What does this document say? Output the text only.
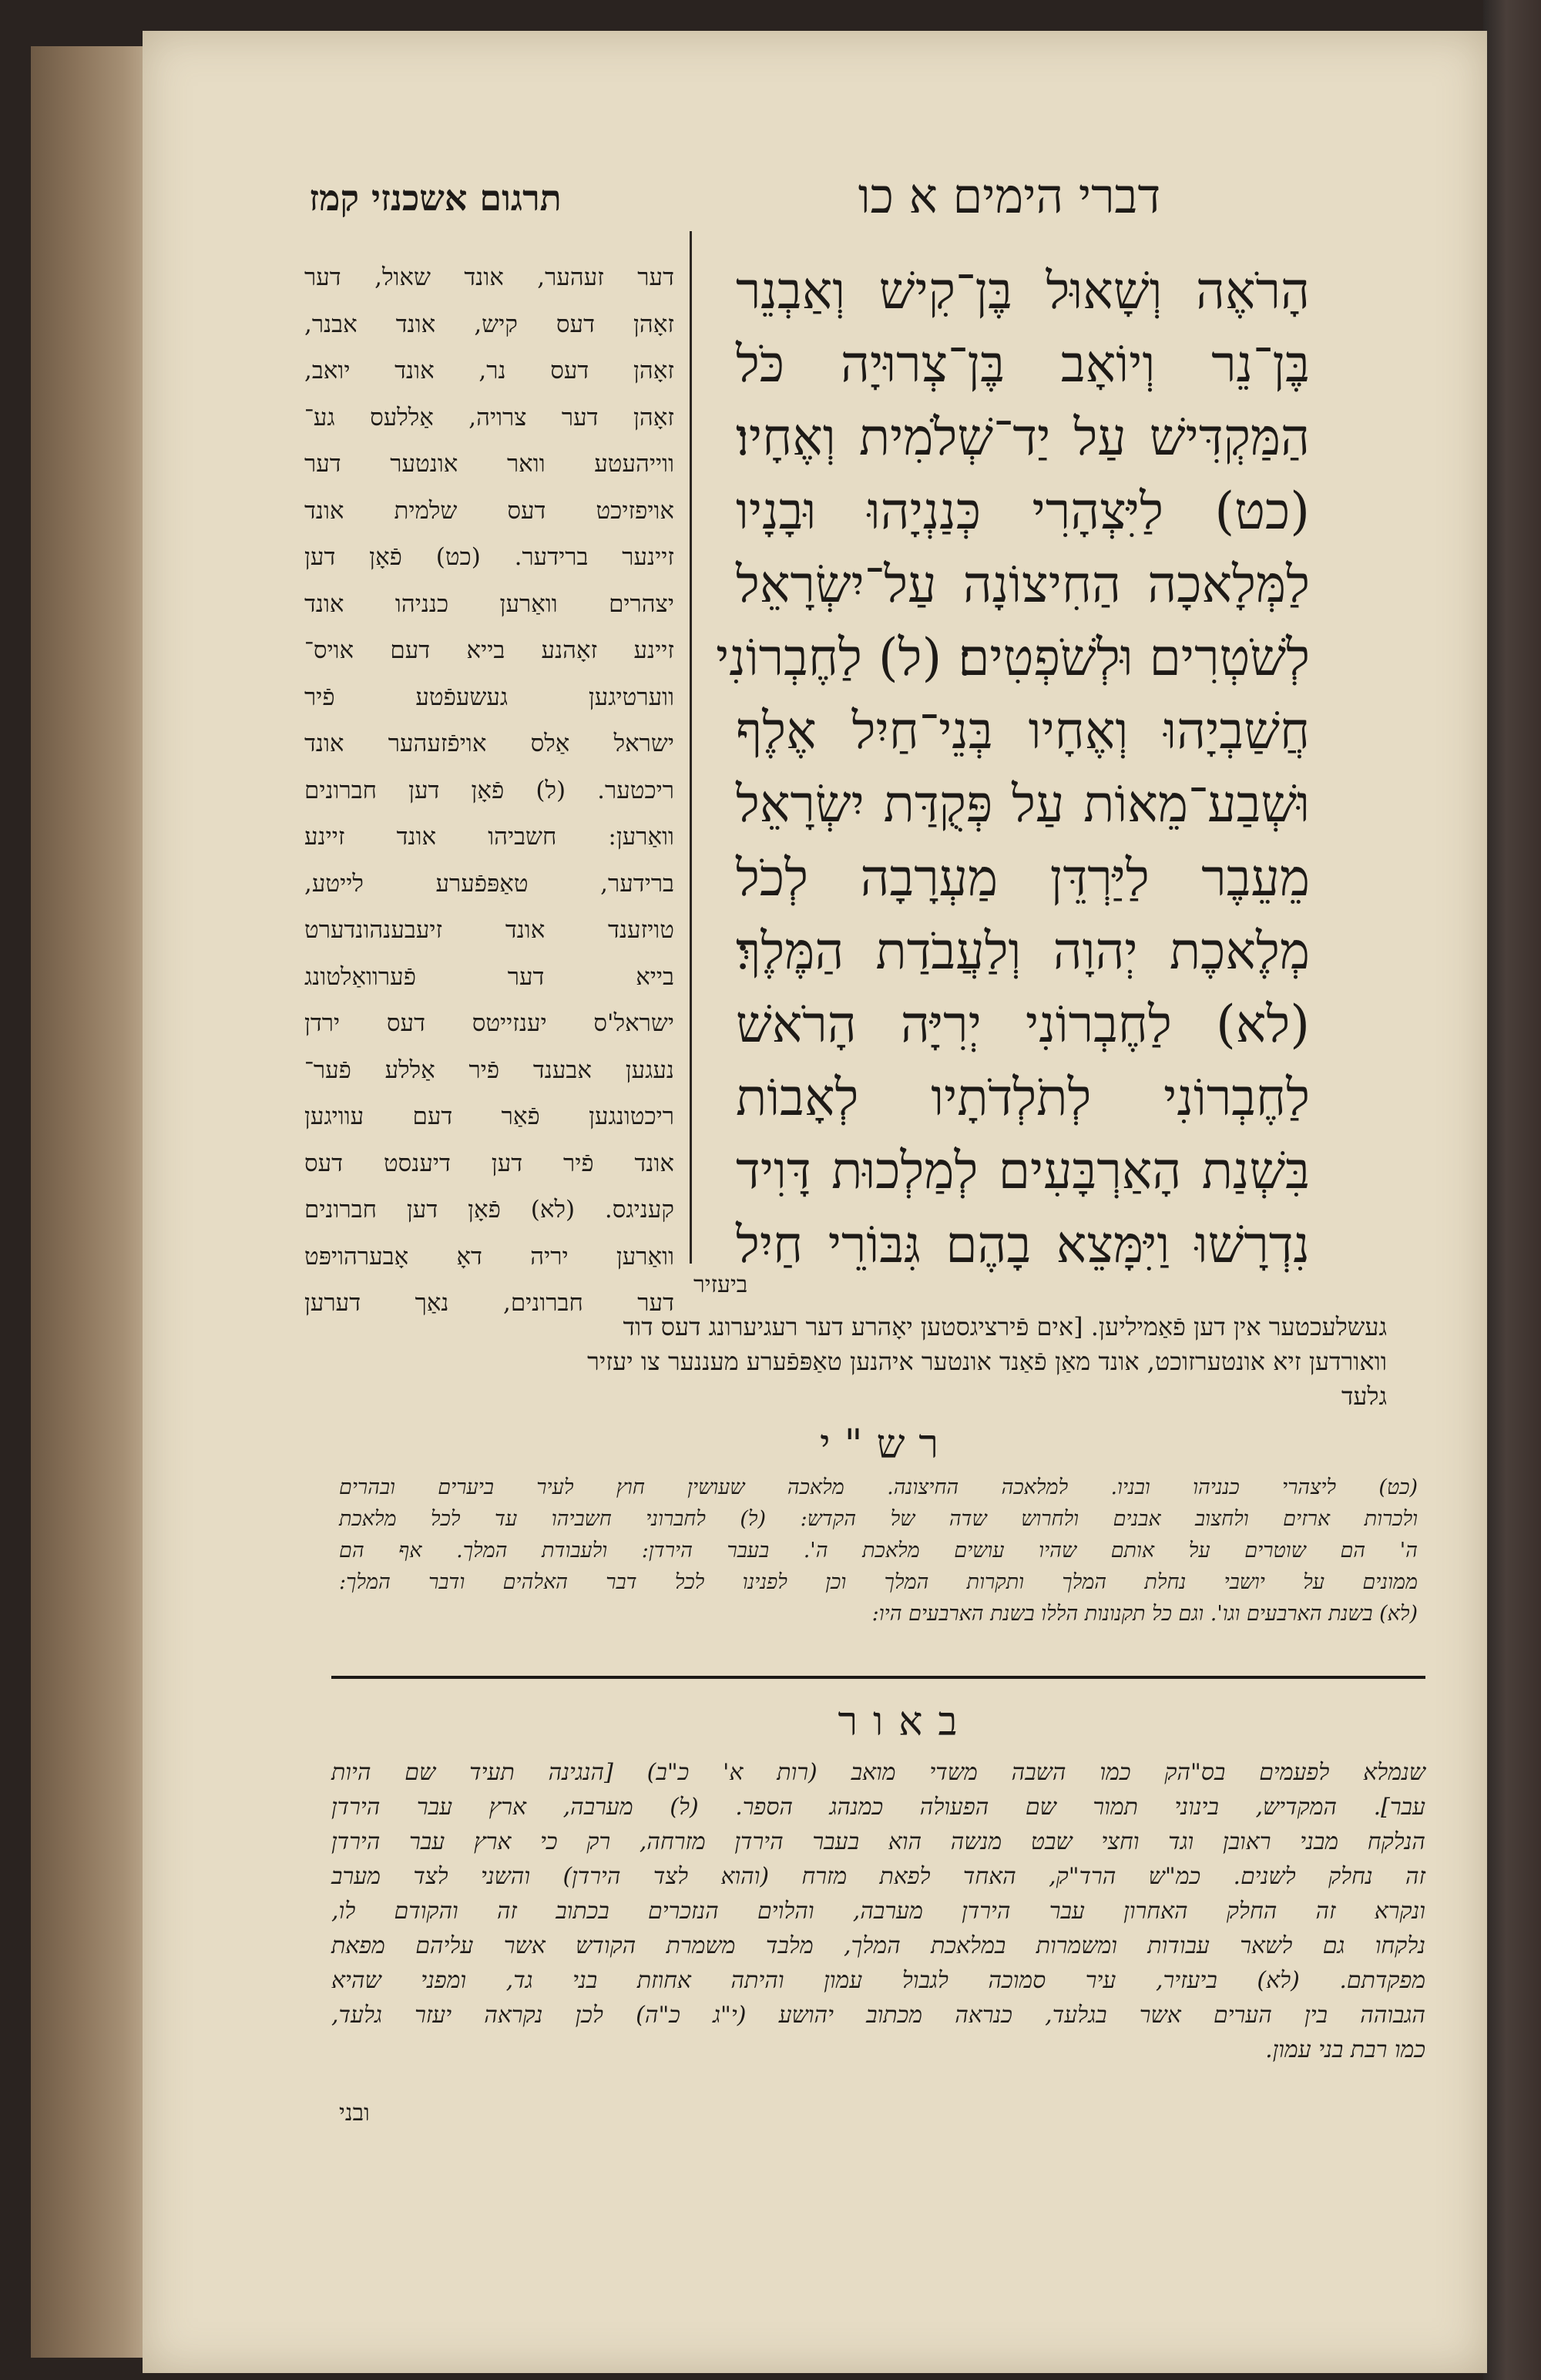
דברי הימים א כו
תרגום אשכנזי קמז
הָרֹאֶה וְשָׁאוּל בֶּן־קִישׁ וְאַבְנֵר
בֶּן־נֵר וְיוֹאָב בֶּן־צְרוּיָה כֹּל
הַמַּקְדִּישׁ עַל יַד־שְׁלֹמִית וְאֶחָיו׃
(כט) לַיִּצְהָרִי כְּנַנְיָהוּ וּבָנָיו
לַמְּלָאכָה הַחִיצוֹנָה עַל־יִשְׂרָאֵל
לְשֹׁטְרִים וּלְשֹׁפְטִים׃ (ל) לַחֶבְרוֹנִי
חֲשַׁבְיָהוּ וְאֶחָיו בְּנֵי־חַיִל אֶלֶף
וּשְׁבַע־מֵאוֹת עַל פְּקֻדַּת יִשְׂרָאֵל
מֵעֵבֶר לַיַּרְדֵּן מַעְרָבָה לְכֹל
מְלֶאכֶת יְהוָה וְלַעֲבֹדַת הַמֶּלֶךְ׃
(לא) לַחֶבְרוֹנִי יְרִיָּה הָרֹאשׁ
לַחֶבְרוֹנִי לְתֹלְדֹתָיו לְאָבוֹת
בִּשְׁנַת הָאַרְבָּעִים לְמַלְכוּת דָּוִיד
נִדְרָשׁוּ וַיִּמָּצֵא בָהֶם גִּבּוֹרֵי חַיִל
דער זעהער, אונד שאול, דער
זאָהן דעס קיש, אונד אבנר,
זאָהן דעס נר, אונד יואב,
זאָהן דער צרויה, אַללעס גע־
ווייהעטע וואר אונטער דער
אויפזיכט דעס שלמית אונד
זיינער ברידער. (כט) פֿאָן דען
יצהרים וואַרען כנניהו אונד
זיינע זאָהנע בייא דעם אויס־
ווערטיגען געשעפֿטע פֿיר
ישראל אַלס אויפֿזעהער אונד
ריכטער. (ל) פֿאָן דען חברונים
וואַרען: חשביהו אונד זיינע
ברידער, טאַפּפֿערע לייטע,
טויזענד אונד זיעבענהונדערט
בייא דער פֿערוואַלטונג
ישראל'ס יענזייטס דעס ירדן
נעגען אבענד פֿיר אַללע פֿער־
ריכטונגען פֿאַר דעם עוויגען
אונד פֿיר דען דיענסט דעס
קעניגס. (לא) פֿאָן דען חברונים
וואַרען יריה דאָ אָבערהויפּט
דער חברונים, נאַך דערען
ביעזיר
געשלעכטער אין דען פֿאַמיליען. [אים פֿירציגסטען יאָהרע דער רעגיערונג דעס דוד
וואורדען זיא אונטערזוכט, אונד מאַן פֿאַנד אונטער איהנען טאַפּפֿערע מעננער צו יעזיר
גלעד
רש"י
(כט) ליצהרי כנניהו ובניו. למלאכה החיצונה. מלאכה שעושין חוץ לעיר ביערים ובהרים
ולכרות ארזים ולחצוב אבנים ולחרוש שדה של הקדש: (ל) לחברוני חשביהו עד לכל מלאכת
ה' הם שוטרים על אותם שהיו עושים מלאכת ה'. בעבר הירדן: ולעבודת המלך. אף הם
ממונים על יושבי נחלת המלך ותקרות המלך וכן לפנינו לכל דבר האלהים ודבר המלך:
(לא) בשנת הארבעים וגו'. וגם כל תקנונות הללו בשנת הארבעים היו:
באור
שנמלא לפעמים בס"הק כמו השבה משדי מואב (רות א' כ"ב) [הנגינה תעיד שם היות
עבר]. המקדיש, בינוני תמור שם הפעולה כמנהג הספר. (ל) מערבה, ארץ עבר הירדן
הנלקח מבני ראובן וגד וחצי שבט מנשה הוא בעבר הירדן מזרחה, רק כי ארץ עבר הירדן
זה נחלק לשנים. כמ"ש הרד"ק, האחד לפאת מזרח (והוא לצד הירדן) והשני לצד מערב
ונקרא זה החלק האחרון עבר הירדן מערבה, והלוים הנזכרים בכתוב זה והקודם לו,
נלקחו גם לשאר עבודות ומשמרות במלאכת המלך, מלבד משמרת הקודש אשר עליהם מפאת
מפקדתם. (לא) ביעזיר, עיר סמוכה לגבול עמון והיתה אחוזת בני גד, ומפני שהיא
הגבוהה בין הערים אשר בגלעד, כנראה מכתוב יהושע (י"ג כ"ה) לכן נקראה יעזר גלעד,
כמו רבת בני עמון.
ובני
